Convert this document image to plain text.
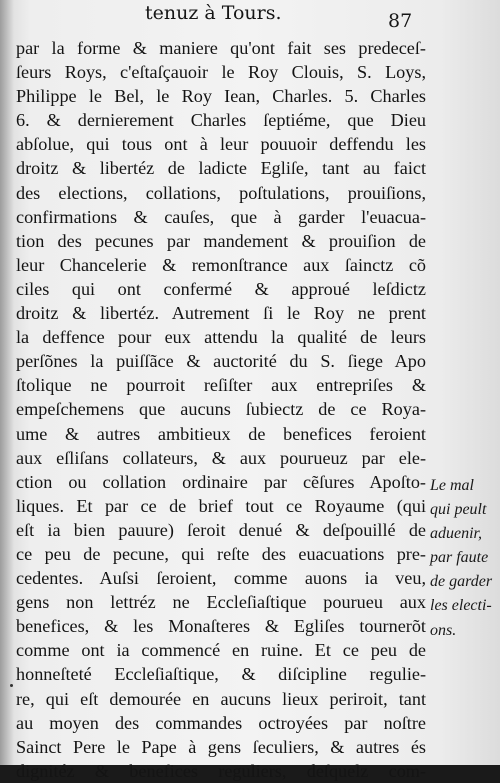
tenuz à Tours.	87
par la forme & maniere qu'ont fait ses predeceſ-
ſeurs Roys, c'eſtaſçauoir le Roy Clouis, S. Loys,
Philippe le Bel, le Roy Iean, Charles. 5. Charles
6. & dernierement Charles ſeptiéme, que Dieu
abſolue, qui tous ont à leur pouuoir deffendu les
droitz & libertéz de ladicte Egliſe, tant au faict
des elections, collations, poſtulations, prouiſions,
confirmations & cauſes, que à garder l'euacua-
tion des pecunes par mandement & prouiſion de
leur Chancelerie & remonſtrance aux ſainctz cõ
ciles qui ont confermé & approué leſdictz
droitz & libertéz. Autrement ſi le Roy ne prent
la deffence pour eux attendu la qualité de leurs
perſõnes la puiſſãce & auctorité du S. ſiege Apo
ſtolique ne pourroit reſiſter aux entrepriſes &
empeſchemens que aucuns ſubiectz de ce Roya-
ume & autres ambitieux de benefices feroient
aux eſliſans collateurs, & aux pourueuz par ele-
ction ou collation ordinaire par cẽſures Apoſto-
liques. Et par ce de brief tout ce Royaume (qui
eſt ia bien pauure) ſeroit denué & deſpouillé de
ce peu de pecune, qui reſte des euacuations pre-
cedentes. Auſsi ſeroient, comme auons ia veu,
gens non lettréz ne Eccleſiaſtique pourueu aux
benefices, & les Monaſteres & Egliſes tournerõt
comme ont ia commencé en ruine. Et ce peu de
honneſteté Eccleſiaſtique, & diſcipline regulie-
re, qui eſt demourée en aucuns lieux periroit, tant
au moyen des commandes octroyées par noſtre
Sainct Pere le Pape à gens ſeculiers, & autres és
dignitéz & benefices reguliers, deſquelz com-
Le mal
qui peult
aduenir,
par faute
de garder
les electi-
ons.
